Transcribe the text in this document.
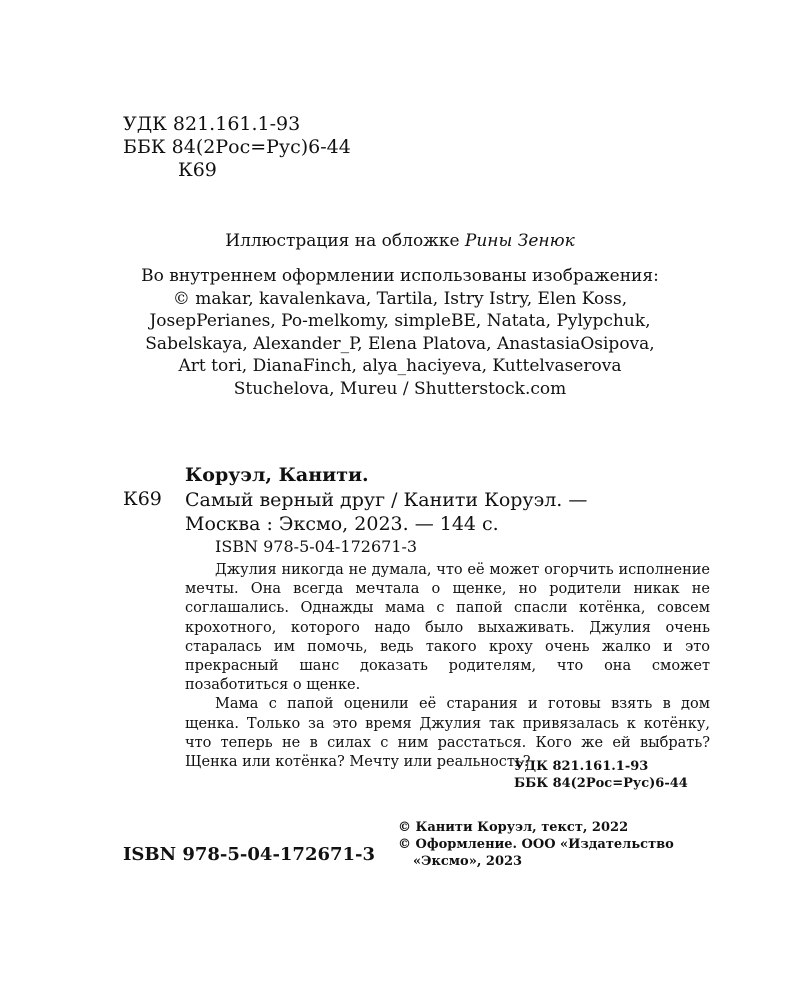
УДК 821.161.1-93
ББК 84(2Рос=Рус)6-44
К69
Иллюстрация на обложке Рины Зенюк
Во внутреннем оформлении использованы изображения:
© makar, kavalenkava, Tartila, Istry Istry, Elen Koss,
JosepPerianes, Po-melkomy, simpleBE, Natata, Pylypchuk,
Sabelskaya, Alexander_P, Elena Platova, AnastasiaOsipova,
Art tori, DianaFinch, alya_haciyeva, Kuttelvaserova
Stuchelova, Mureu / Shutterstock.com
Коруэл, Канити.
К69 Самый верный друг / Канити Коруэл. —
Москва : Эксмо, 2023. — 144 с.
ISBN 978-5-04-172671-3

Джулия никогда не думала, что её может огорчить исполнение мечты. Она всегда мечтала о щенке, но родители никак не соглашались. Однажды мама с папой спасли котёнка, совсем крохотного, которого надо было выхаживать. Джулия очень старалась им помочь, ведь такого кроху очень жалко и это прекрасный шанс доказать родителям, что она сможет позаботиться о щенке.

Мама с папой оценили её старания и готовы взять в дом щенка. Только за это время Джулия так привязалась к котёнку, что теперь не в силах с ним расстаться. Кого же ей выбрать? Щенка или котёнка? Мечту или реальность?

УДК 821.161.1-93
ББК 84(2Рос=Рус)6-44
© Канити Коруэл, текст, 2022
© Оформление. ООО «Издательство
«Эксмо», 2023
ISBN 978-5-04-172671-3
